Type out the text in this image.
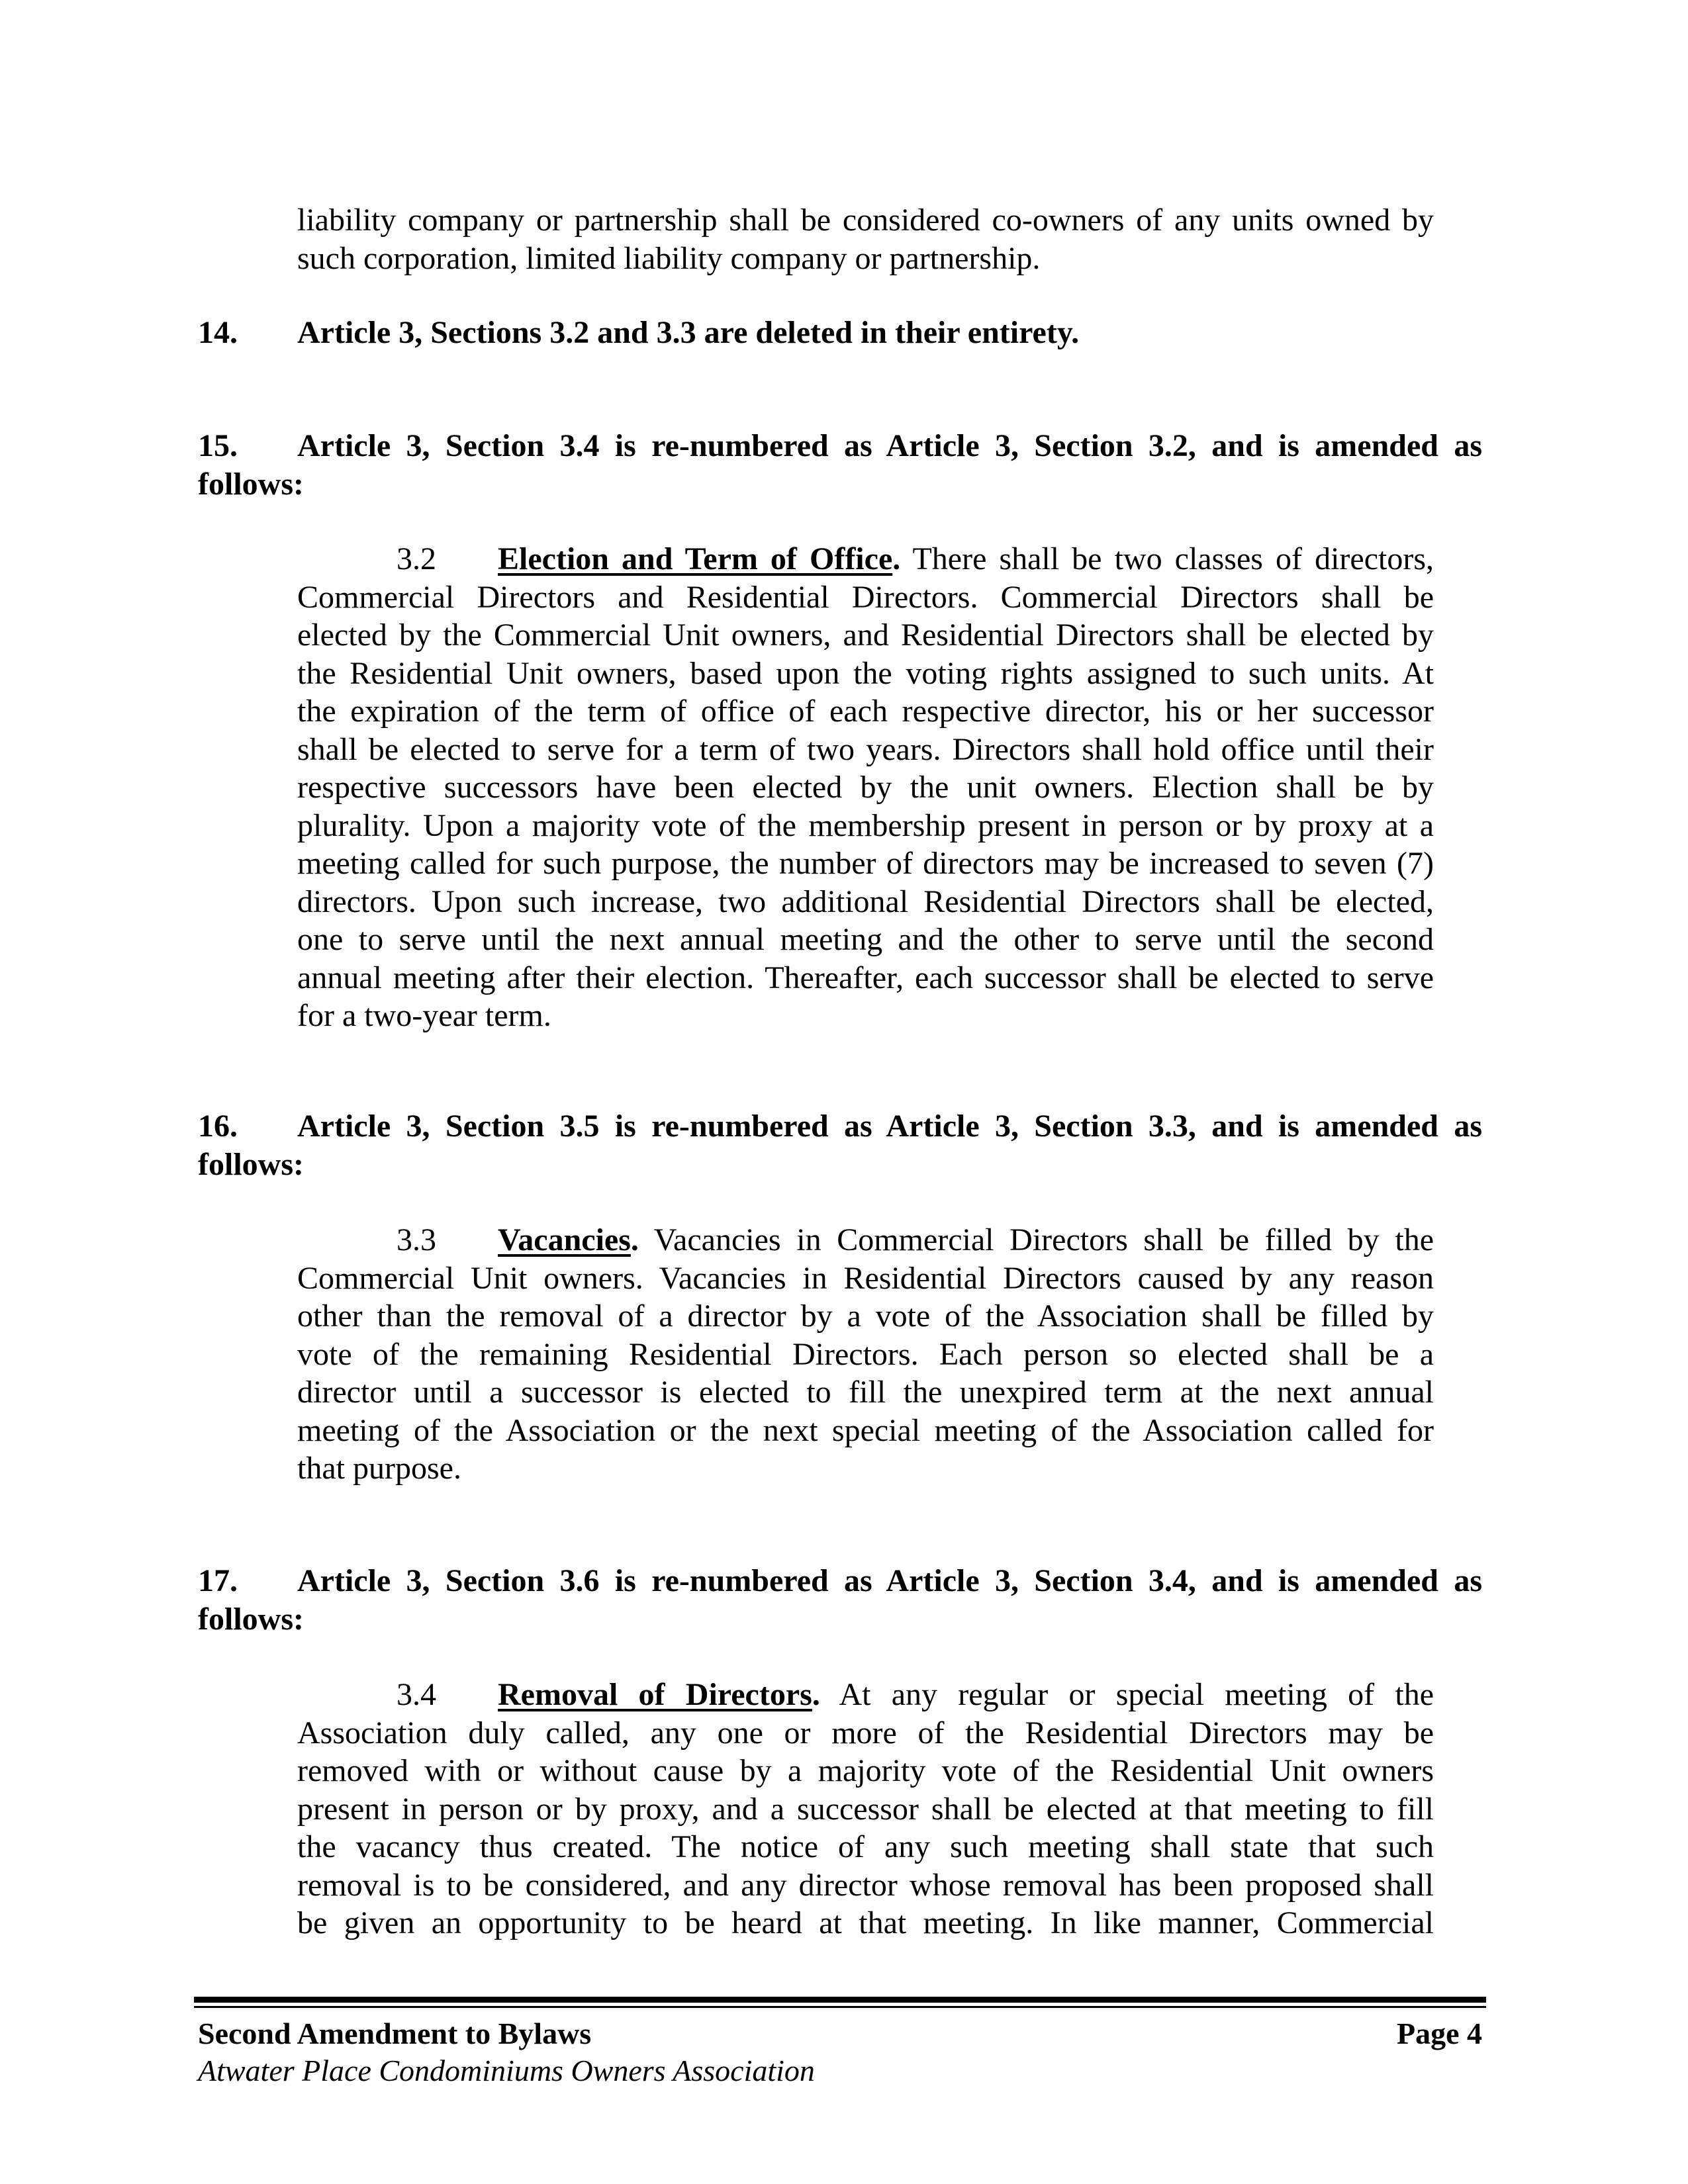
liability company or partnership shall be considered co-owners of any units owned by
such corporation, limited liability company or partnership.
14. Article 3, Sections 3.2 and 3.3 are deleted in their entirety.
15. Article 3, Section 3.4 is re-numbered as Article 3, Section 3.2, and is amended as
follows:
3.2 Election and Term of Office. There shall be two classes of directors,
Commercial Directors and Residential Directors. Commercial Directors shall be
elected by the Commercial Unit owners, and Residential Directors shall be elected by
the Residential Unit owners, based upon the voting rights assigned to such units. At
the expiration of the term of office of each respective director, his or her successor
shall be elected to serve for a term of two years. Directors shall hold office until their
respective successors have been elected by the unit owners. Election shall be by
plurality. Upon a majority vote of the membership present in person or by proxy at a
meeting called for such purpose, the number of directors may be increased to seven (7)
directors. Upon such increase, two additional Residential Directors shall be elected,
one to serve until the next annual meeting and the other to serve until the second
annual meeting after their election. Thereafter, each successor shall be elected to serve
for a two-year term.
16. Article 3, Section 3.5 is re-numbered as Article 3, Section 3.3, and is amended as
follows:
3.3 Vacancies. Vacancies in Commercial Directors shall be filled by the
Commercial Unit owners. Vacancies in Residential Directors caused by any reason
other than the removal of a director by a vote of the Association shall be filled by
vote of the remaining Residential Directors. Each person so elected shall be a
director until a successor is elected to fill the unexpired term at the next annual
meeting of the Association or the next special meeting of the Association called for
that purpose.
17. Article 3, Section 3.6 is re-numbered as Article 3, Section 3.4, and is amended as
follows:
3.4 Removal of Directors. At any regular or special meeting of the
Association duly called, any one or more of the Residential Directors may be
removed with or without cause by a majority vote of the Residential Unit owners
present in person or by proxy, and a successor shall be elected at that meeting to fill
the vacancy thus created. The notice of any such meeting shall state that such
removal is to be considered, and any director whose removal has been proposed shall
be given an opportunity to be heard at that meeting. In like manner, Commercial
Second Amendment to Bylaws	Page 4
Atwater Place Condominiums Owners Association
